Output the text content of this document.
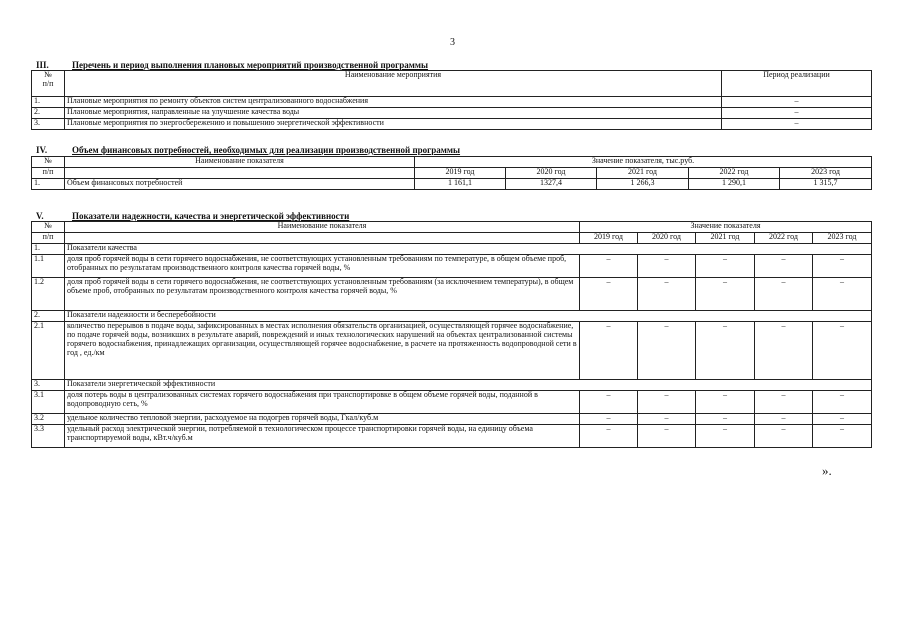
3
III.	Перечень и период выполнения плановых мероприятий производственной программы
№
п/п	Наименование мероприятия	Период реализации
1.	Плановые мероприятия по ремонту объектов систем централизованного водоснабжения	–
2.	Плановые мероприятия, направленные на улучшение качества воды	–
3.	Плановые мероприятия по энергосбережению и повышению энергетической эффективности	–
IV.	Объем финансовых потребностей, необходимых для реализации производственной программы
№	Наименование показателя	Значение показателя, тыс.руб.				
п/п		2019 год	2020 год	2021 год	2022 год	2023 год
1.	Объем финансовых потребностей	1 161,1	1327,4	1 266,3	1 290,1	1 315,7
V.	Показатели надежности, качества и энергетической эффективности
№	Наименование показателя	Значение показателя				
п/п		2019 год	2020 год	2021 год	2022 год	2023 год
1.	Показатели качества					
1.1	доля проб горячей воды в сети горячего водоснабжения, не соответствующих установленным требованиям по температуре, в общем объеме проб, отобранных по результатам производственного контроля качества горячей воды, %	–	–	–	–	–
1.2	доля проб горячей воды в сети горячего водоснабжения, не соответствующих установленным требованиям (за исключением температуры), в общем объеме проб, отобранных по результатам производственного контроля качества горячей воды, %	–	–	–	–	–
2.	Показатели надежности и бесперебойности					
2.1	количество перерывов в подаче воды, зафиксированных в местах исполнения обязательств организацией, осуществляющей горячее водоснабжение, по подаче горячей воды, возникших в результате аварий, повреждений и иных технологических нарушений на объектах централизованной системы горячего водоснабжения, принадлежащих организации, осуществляющей горячее водоснабжение, в расчете на протяженность водопроводной сети в год , ед./км	–	–	–	–	–
3.	Показатели энергетической эффективности					
3.1	доля потерь воды в централизованных системах горячего водоснабжения при транспортировке в общем объеме горячей воды, поданной в водопроводную сеть, %	–	–	–	–	–
3.2	удельное количество тепловой энергии, расходуемое на подогрев горячей воды, Гкал/куб.м	–	–	–	–	–
3.3	удельный расход электрической энергии, потребляемой в технологическом процессе транспортировки горячей воды, на единицу объема транспортируемой воды, кВт.ч/куб.м	–	–	–	–	–
».
